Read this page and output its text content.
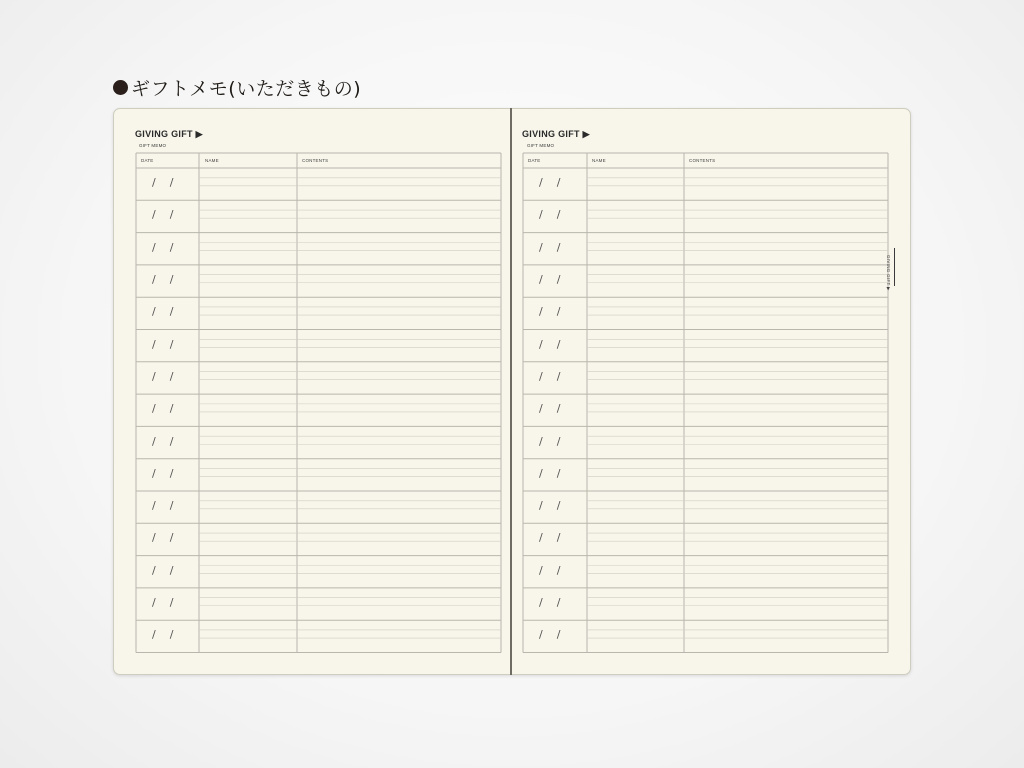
ギフトメモ(いただきもの)
GIVING GIFT ▶
GIFT MEMO
DATE	NAME	CONTENTS
GIVING GIFT ▶
GIFT MEMO
DATE	NAME	CONTENTS
/    /
/    /
/    /
/    /
/    /
/    /
/    /
/    /
/    /
/    /
/    /
/    /
/    /
/    /
/    /
/    /
/    /
/    /
/    /
/    /
/    /
/    /
/    /
/    /
/    /
/    /
/    /
/    /
/    /
/    /
GIVING GIFT ▶
